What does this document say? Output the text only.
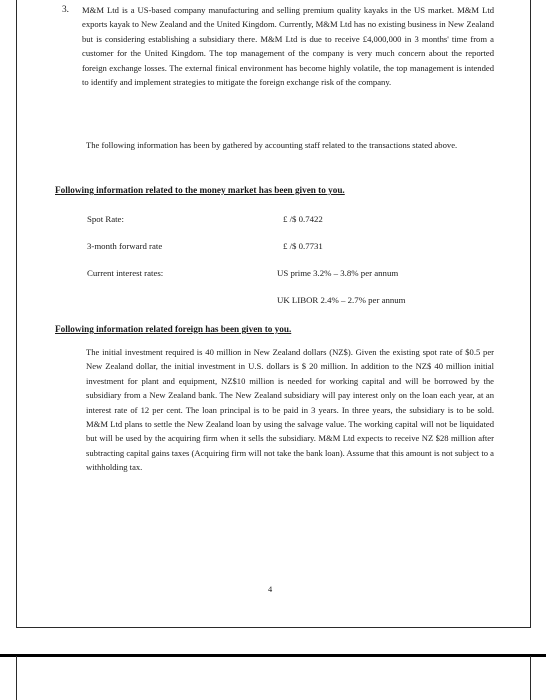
3. M&M Ltd is a US-based company manufacturing and selling premium quality kayaks in the US market. M&M Ltd exports kayak to New Zealand and the United Kingdom. Currently, M&M Ltd has no existing business in New Zealand but is considering establishing a subsidiary there. M&M Ltd is due to receive £4,000,000 in 3 months' time from a customer for the United Kingdom. The top management of the company is very much concern about the reported foreign exchange losses. The external finical environment has become highly volatile, the top management is intended to identify and implement strategies to mitigate the foreign exchange risk of the company.

The following information has been by gathered by accounting staff related to the transactions stated above.

Following information related to the money market has been given to you.
Spot Rate:	£ /$ 0.7422
3-month forward rate	£ /$ 0.7731
Current interest rates:	US prime 3.2% – 3.8% per annum
UK LIBOR 2.4% – 2.7% per annum
Following information related foreign has been given to you.

The initial investment required is 40 million in New Zealand dollars (NZ$). Given the existing spot rate of $0.5 per New Zealand dollar, the initial investment in U.S. dollars is $ 20 million. In addition to the NZ$ 40 million initial investment for plant and equipment, NZ$10 million is needed for working capital and will be borrowed by the subsidiary from a New Zealand bank. The New Zealand subsidiary will pay interest only on the loan each year, at an interest rate of 12 per cent. The loan principal is to be paid in 3 years. In three years, the subsidiary is to be sold. M&M Ltd plans to settle the New Zealand loan by using the salvage value. The working capital will not be liquidated but will be used by the acquiring firm when it sells the subsidiary. M&M Ltd expects to receive NZ $28 million after subtracting capital gains taxes (Acquiring firm will not take the bank loan). Assume that this amount is not subject to a withholding tax.

4
